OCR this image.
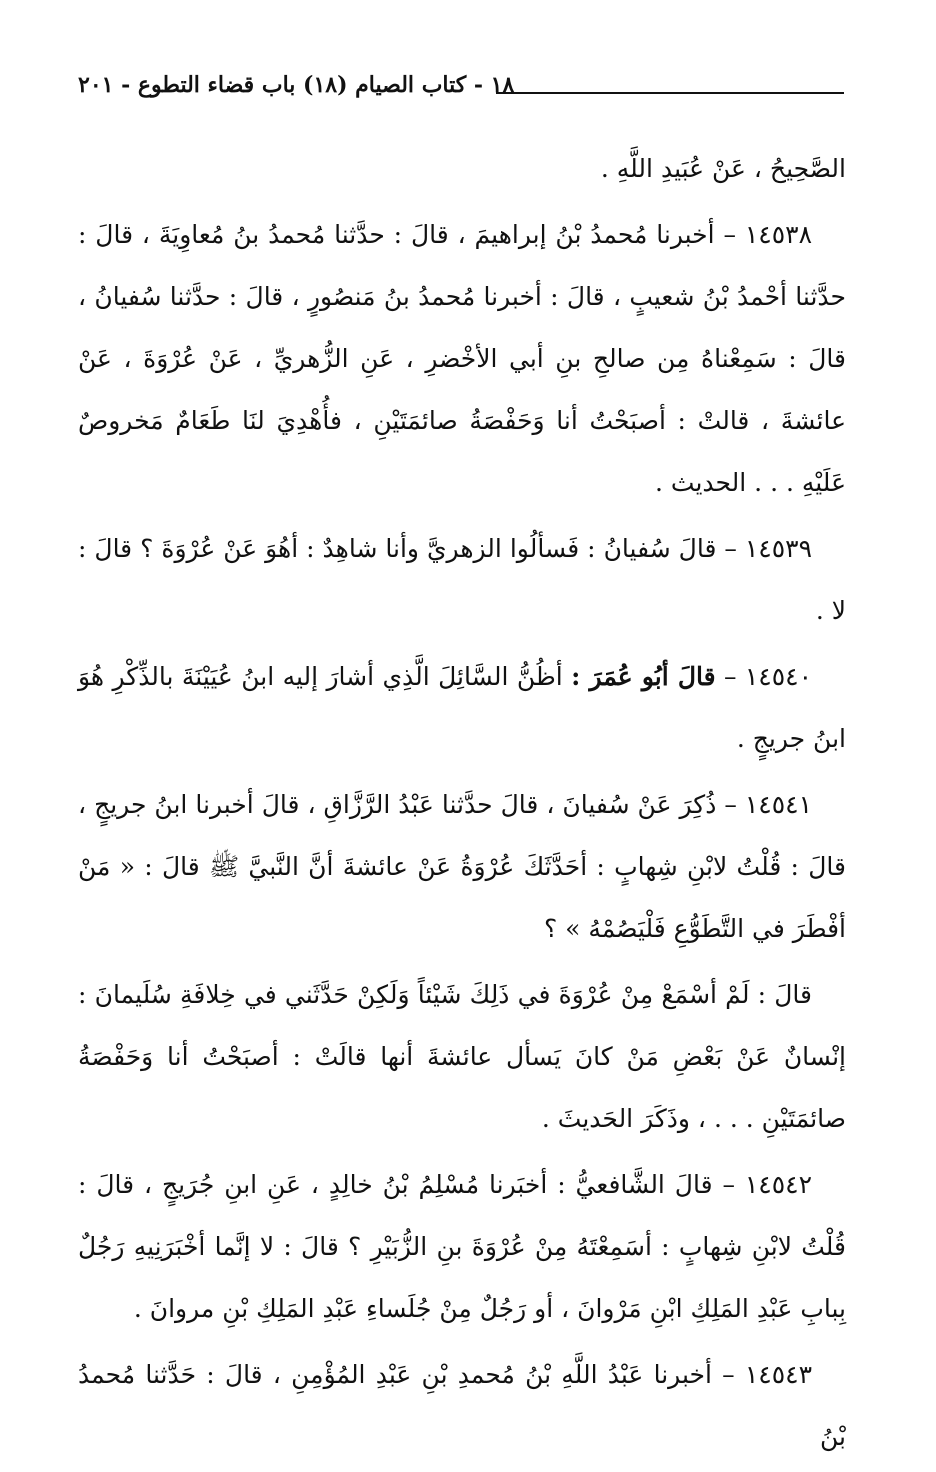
١٨ - كتاب الصيام (١٨) باب قضاء التطوع - ٢٠١

الصَّحِيحُ ، عَنْ عُبَيدِ اللَّهِ .

١٤٥٣٨ – أخبرنا مُحمدُ بْنُ إبراهيمَ ، قالَ : حدَّثنا مُحمدُ بنُ مُعاوِيَةَ ، قالَ : حدَّثنا أحْمدُ بْنُ شعيبٍ ، قالَ : أخبرنا مُحمدُ بنُ مَنصُورٍ ، قالَ : حدَّثنا سُفيانُ ، قالَ : سَمِعْناهُ مِن صالحِ بنِ أبي الأخْضرِ ، عَنِ الزُّهريِّ ، عَنْ عُرْوَةَ ، عَنْ عائشةَ ، قالتْ : أصبَحْتُ أنا وَحَفْصَةُ صائمَتَيْنِ ، فأُهْدِيَ لنَا طَعَامٌ مَخروصٌ عَلَيْهِ . . . الحديث .

١٤٥٣٩ – قالَ سُفيانُ : فَسألُوا الزهريَّ وأنا شاهِدٌ : أهُوَ عَنْ عُرْوَةَ ؟ قالَ : لا .

١٤٥٤٠ – قالَ أبُو عُمَرَ : أظُنُّ السَّائِلَ الَّذِي أشارَ إليه ابنُ عُيَيْنَةَ بالذِّكْرِ هُوَ ابنُ جريجٍ .

١٤٥٤١ – ذُكِرَ عَنْ سُفيانَ ، قالَ حدَّثنا عَبْدُ الرَّزَّاقِ ، قالَ أخبرنا ابنُ جريجٍ ، قالَ : قُلْتُ لابْنِ شِهابٍ : أحَدَّثَكَ عُرْوَةُ عَنْ عائشةَ أنَّ النَّبيَّ ﷺ قالَ : « مَنْ أفْطَرَ في التَّطَوُّعِ فَلْيَصُمْهُ » ؟

قالَ : لَمْ أسْمَعْ مِنْ عُرْوَةَ في ذَلِكَ شَيْئاً وَلَكِنْ حَدَّثَني في خِلافَةِ سُلَيمانَ : إنْسانٌ عَنْ بَعْضِ مَنْ كانَ يَسأل عائشةَ أنها قالَتْ : أصبَحْتُ أنا وَحَفْصَةُ صائمَتَيْنِ . . . ، وذَكَرَ الحَديثَ .

١٤٥٤٢ – قالَ الشَّافعيُّ : أخبَرنا مُسْلِمُ بْنُ خالِدٍ ، عَنِ ابنِ جُرَيجٍ ، قالَ : قُلْتُ لابْنِ شِهابٍ : أسَمِعْتَهُ مِنْ عُرْوَةَ بنِ الزُّبَيْرِ ؟ قالَ : لا إنَّما أخْبَرَنِيهِ رَجُلٌ بِبابِ عَبْدِ المَلِكِ ابْنِ مَرْوانَ ، أو رَجُلٌ مِنْ جُلَساءِ عَبْدِ المَلِكِ بْنِ مروانَ .

١٤٥٤٣ – أخبرنا عَبْدُ اللَّهِ بْنُ مُحمدِ بْنِ عَبْدِ المُؤْمِنِ ، قالَ : حَدَّثنا مُحمدُ بْنُ
